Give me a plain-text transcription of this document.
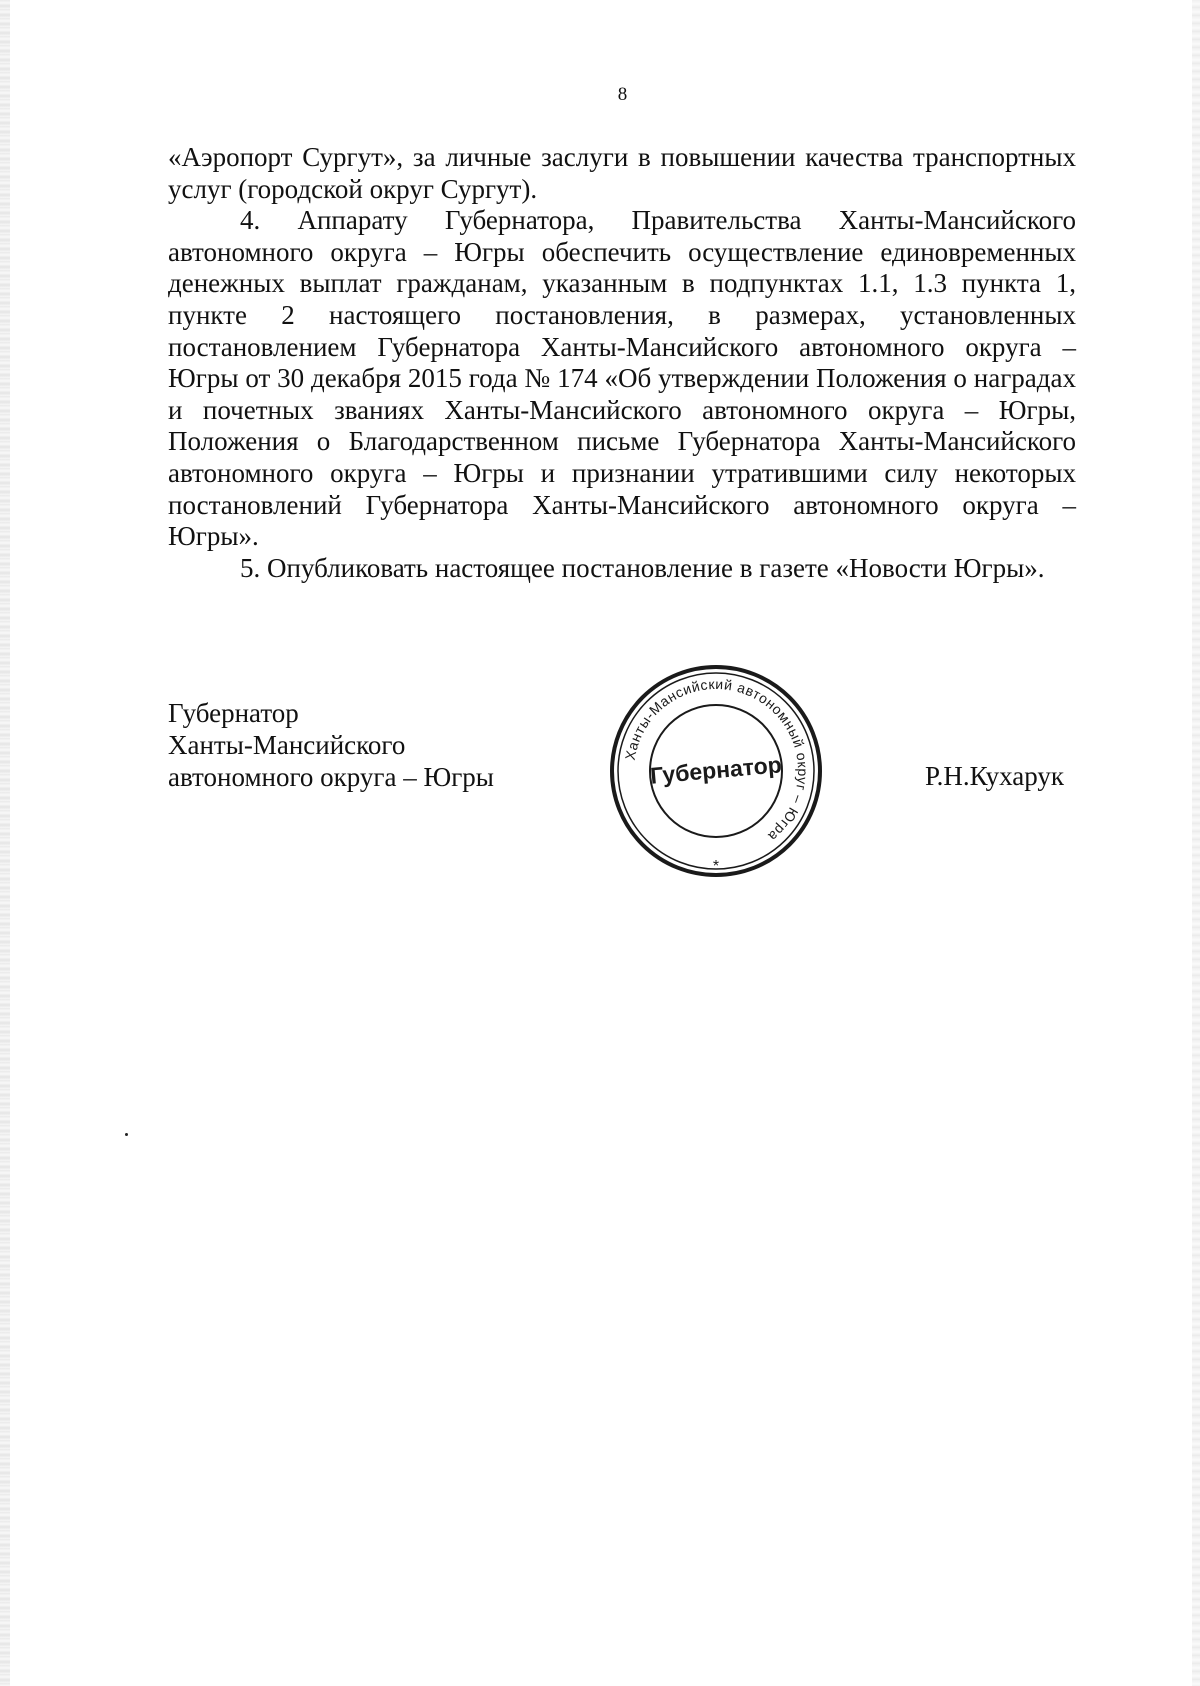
8

«Аэропорт Сургут», за личные заслуги в повышении качества транспортных услуг (городской округ Сургут).

4. Аппарату Губернатора, Правительства Ханты-Мансийского автономного округа – Югры обеспечить осуществление единовременных денежных выплат гражданам, указанным в подпунктах 1.1, 1.3 пункта 1, пункте 2 настоящего постановления, в размерах, установленных постановлением Губернатора Ханты-Мансийского автономного округа – Югры от 30 декабря 2015 года № 174 «Об утверждении Положения о наградах и почетных званиях Ханты-Мансийского автономного округа – Югры, Положения о Благодарственном письме Губернатора Ханты-Мансийского автономного округа – Югры и признании утратившими силу некоторых постановлений Губернатора Ханты-Мансийского автономного округа – Югры».

5. Опубликовать настоящее постановление в газете «Новости Югры».

Губернатор
Ханты-Мансийского
автономного округа – Югры
Ханты-Мансийский автономный округ – Югра
Губернатор
*
Р.Н.Кухарук
